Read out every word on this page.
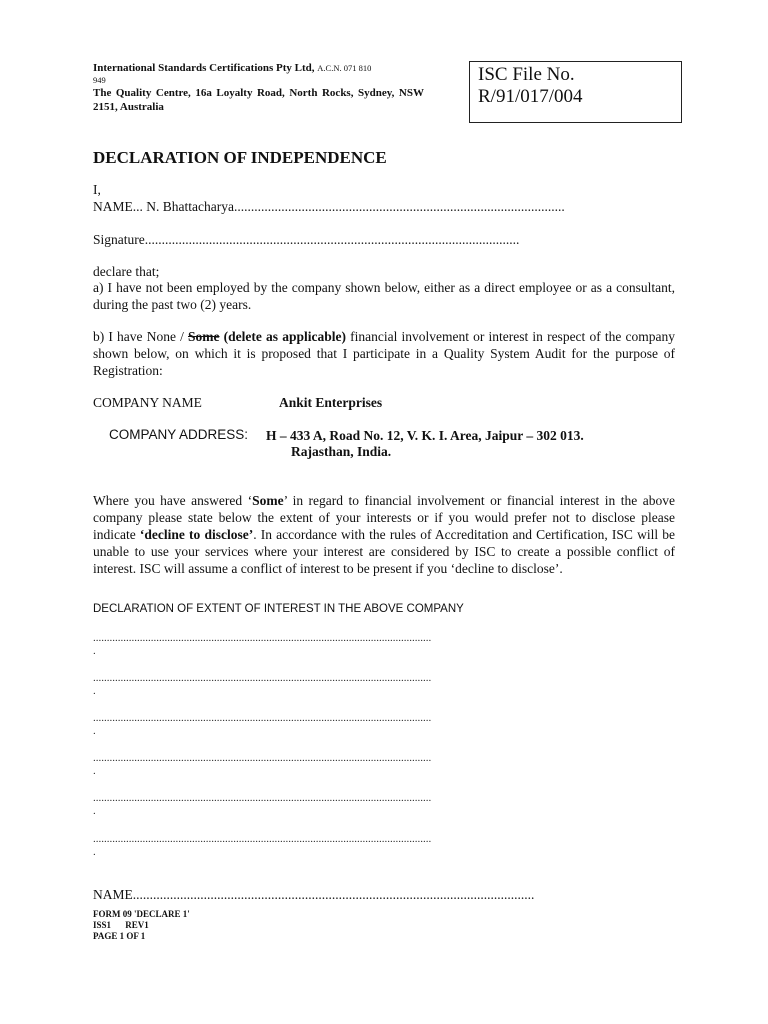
International Standards Certifications Pty Ltd, A.C.N. 071 810
949
The Quality Centre, 16a Loyalty Road, North Rocks, Sydney, NSW 2151, Australia
ISC File No.
R/91/017/004
DECLARATION OF INDEPENDENCE
I,
NAME... N. Bhattacharya..................................................................................................
Signature...............................................................................................................
declare that;
a) I have not been employed by the company shown below, either as a direct employee or as a consultant, during the past two (2) years.
b) I have None / Some (delete as applicable) financial involvement or interest in respect of the company shown below, on which it is proposed that I participate in a Quality System Audit for the purpose of Registration:
COMPANY NAME	Ankit Enterprises
COMPANY ADDRESS: H – 433 A, Road No. 12, V. K. I. Area, Jaipur – 302 013.
Rajasthan, India.
Where you have answered ‘Some’ in regard to financial involvement or financial interest in the above company please state below the extent of your interests or if you would prefer not to disclose please indicate ‘decline to disclose’. In accordance with the rules of Accreditation and Certification, ISC will be unable to use your services where your interest are considered by ISC to create a possible conflict of interest. ISC will assume a conflict of interest to be present if you ‘decline to disclose’.
DECLARATION OF EXTENT OF INTEREST IN THE ABOVE COMPANY
...........................................................................................................................
.
...........................................................................................................................
.
...........................................................................................................................
.
...........................................................................................................................
.
...........................................................................................................................
.
...........................................................................................................................
.
NAME.......................................................................................................................
FORM 09 'DECLARE 1'
ISS1 REV1
PAGE 1 OF 1
